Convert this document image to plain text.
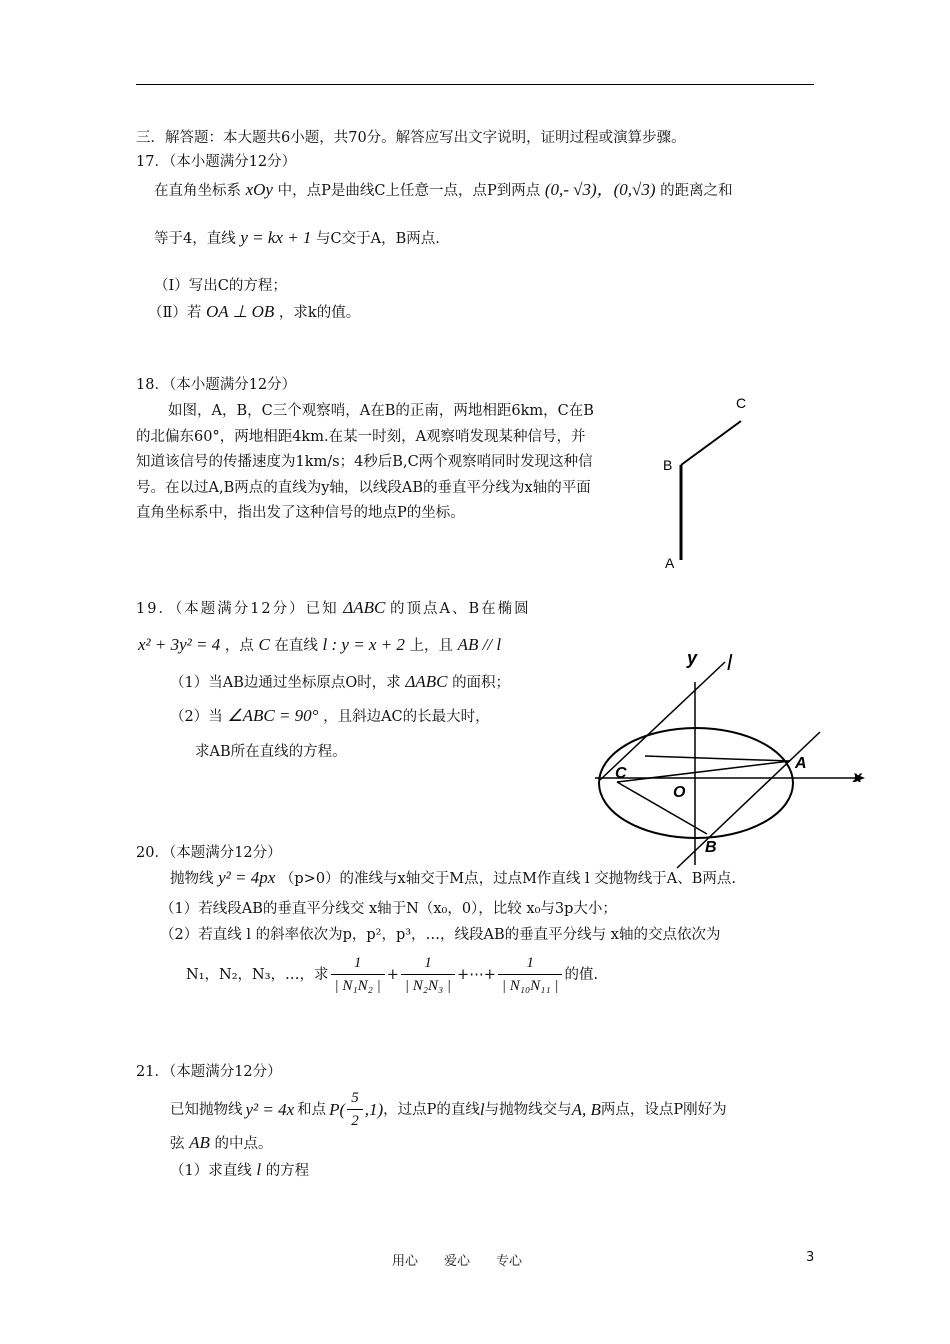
三．解答题：本大题共6小题，共70分。解答应写出文字说明，证明过程或演算步骤。
17．（本小题满分12分）
在直角坐标系 xOy 中，点P是曲线C上任意一点，点P到两点 (0,- √3)，(0,√3) 的距离之和
等于4，直线 y = kx + 1 与C交于A，B两点.
（Ⅰ）写出C的方程；
（Ⅱ）若 OA ⊥ OB ，求k的值。
18．（本小题满分12分）
如图，A，B，C三个观察哨，A在B的正南，两地相距6km，C在B的北偏东60°，两地相距4km.在某一时刻，A观察哨发现某种信号，并知道该信号的传播速度为1km/s；4秒后B,C两个观察哨同时发现这种信号。在以过A,B两点的直线为y轴，以线段AB的垂直平分线为x轴的平面直角坐标系中，指出发了这种信号的地点P的坐标。
C
B
A
19．（本题满分12分）已知 ΔABC 的顶点A、B在椭圆
x² + 3y² = 4 ，点 C 在直线 l : y = x + 2 上，且 AB // l
（1）当AB边通过坐标原点O时，求 ΔABC 的面积；
（2）当 ∠ABC = 90° ，且斜边AC的长最大时，
求AB所在直线的方程。
y l
x
O
A
B
C
20．（本题满分12分）
抛物线 y² = 4px （p>0）的准线与x轴交于M点，过点M作直线 l 交抛物线于A、B两点.
（1）若线段AB的垂直平分线交 x轴于N（x₀，0），比较 x₀与3p大小；
（2）若直线 l 的斜率依次为p，p²，p³，…，线段AB的垂直平分线与 x轴的交点依次为
N₁，N₂，N₃，…，求 $\frac{1}{\text{| N₁N₂ |}} + \frac{1}{\text{| N₂N₃ |}}$ +⋯+ $\frac{1}{\text{| N₁₀N₁₁ |}}$ 的值.
21．（本题满分12分）
已知抛物线 y² = 4x 和点 $P( \frac{5}{2} ,1)$ ，过点P的直线 l 与抛物线交与 A, B 两点，设点P刚好为
弦 AB 的中点。
（1）求直线 l 的方程
用心　　爱心　　专心	3
